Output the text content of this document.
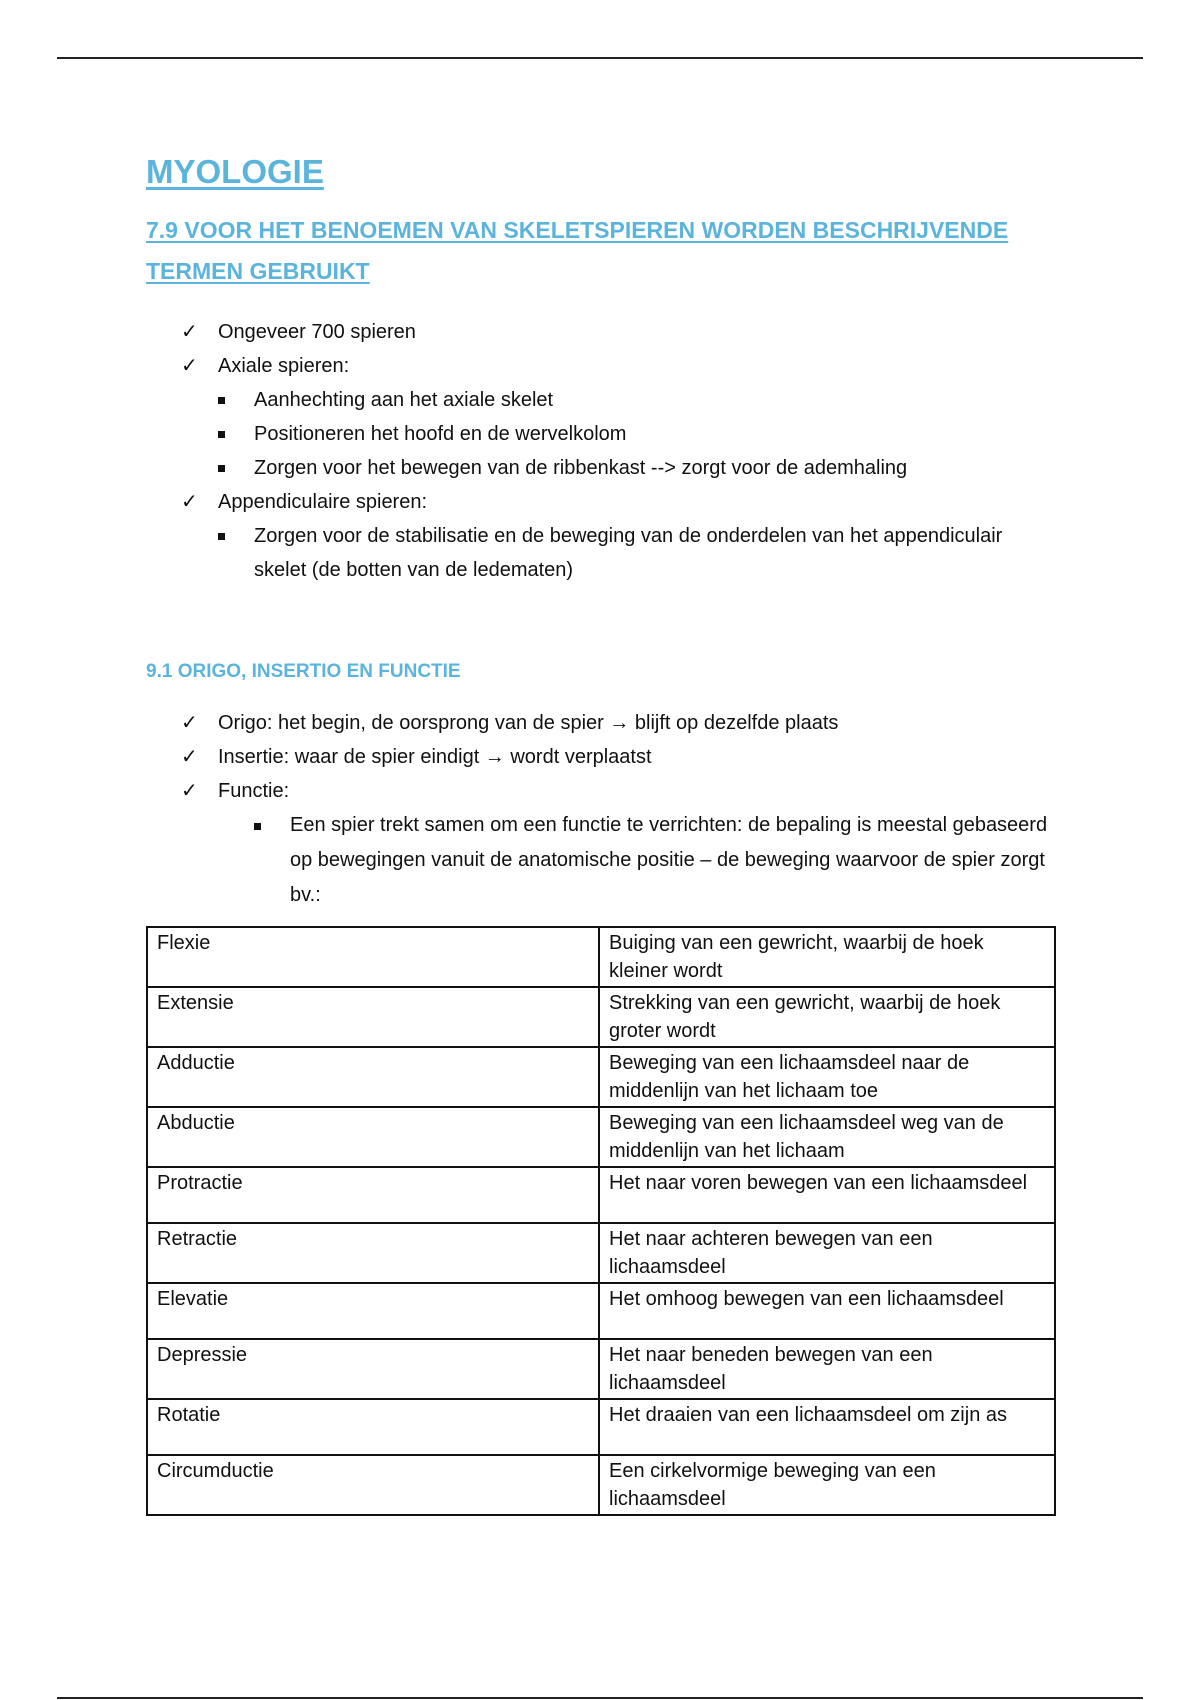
MYOLOGIE
7.9 VOOR HET BENOEMEN VAN SKELETSPIEREN WORDEN BESCHRIJVENDE TERMEN GEBRUIKT
✓ Ongeveer 700 spieren
✓ Axiale spieren:
Aanhechting aan het axiale skelet
Positioneren het hoofd en de wervelkolom
Zorgen voor het bewegen van de ribbenkast --> zorgt voor de ademhaling
✓ Appendiculaire spieren:
Zorgen voor de stabilisatie en de beweging van de onderdelen van het appendiculair skelet (de botten van de ledematen)
9.1 ORIGO, INSERTIO EN FUNCTIE
✓ Origo: het begin, de oorsprong van de spier → blijft op dezelfde plaats
✓ Insertie: waar de spier eindigt → wordt verplaatst
✓ Functie:
Een spier trekt samen om een functie te verrichten: de bepaling is meestal gebaseerd op bewegingen vanuit de anatomische positie – de beweging waarvoor de spier zorgt bv.:
Flexie	Buiging van een gewricht, waarbij de hoek kleiner wordt
Extensie	Strekking van een gewricht, waarbij de hoek groter wordt
Adductie	Beweging van een lichaamsdeel naar de middenlijn van het lichaam toe
Abductie	Beweging van een lichaamsdeel weg van de middenlijn van het lichaam
Protractie	Het naar voren bewegen van een lichaamsdeel
Retractie	Het naar achteren bewegen van een lichaamsdeel
Elevatie	Het omhoog bewegen van een lichaamsdeel
Depressie	Het naar beneden bewegen van een lichaamsdeel
Rotatie	Het draaien van een lichaamsdeel om zijn as
Circumductie	Een cirkelvormige beweging van een lichaamsdeel
